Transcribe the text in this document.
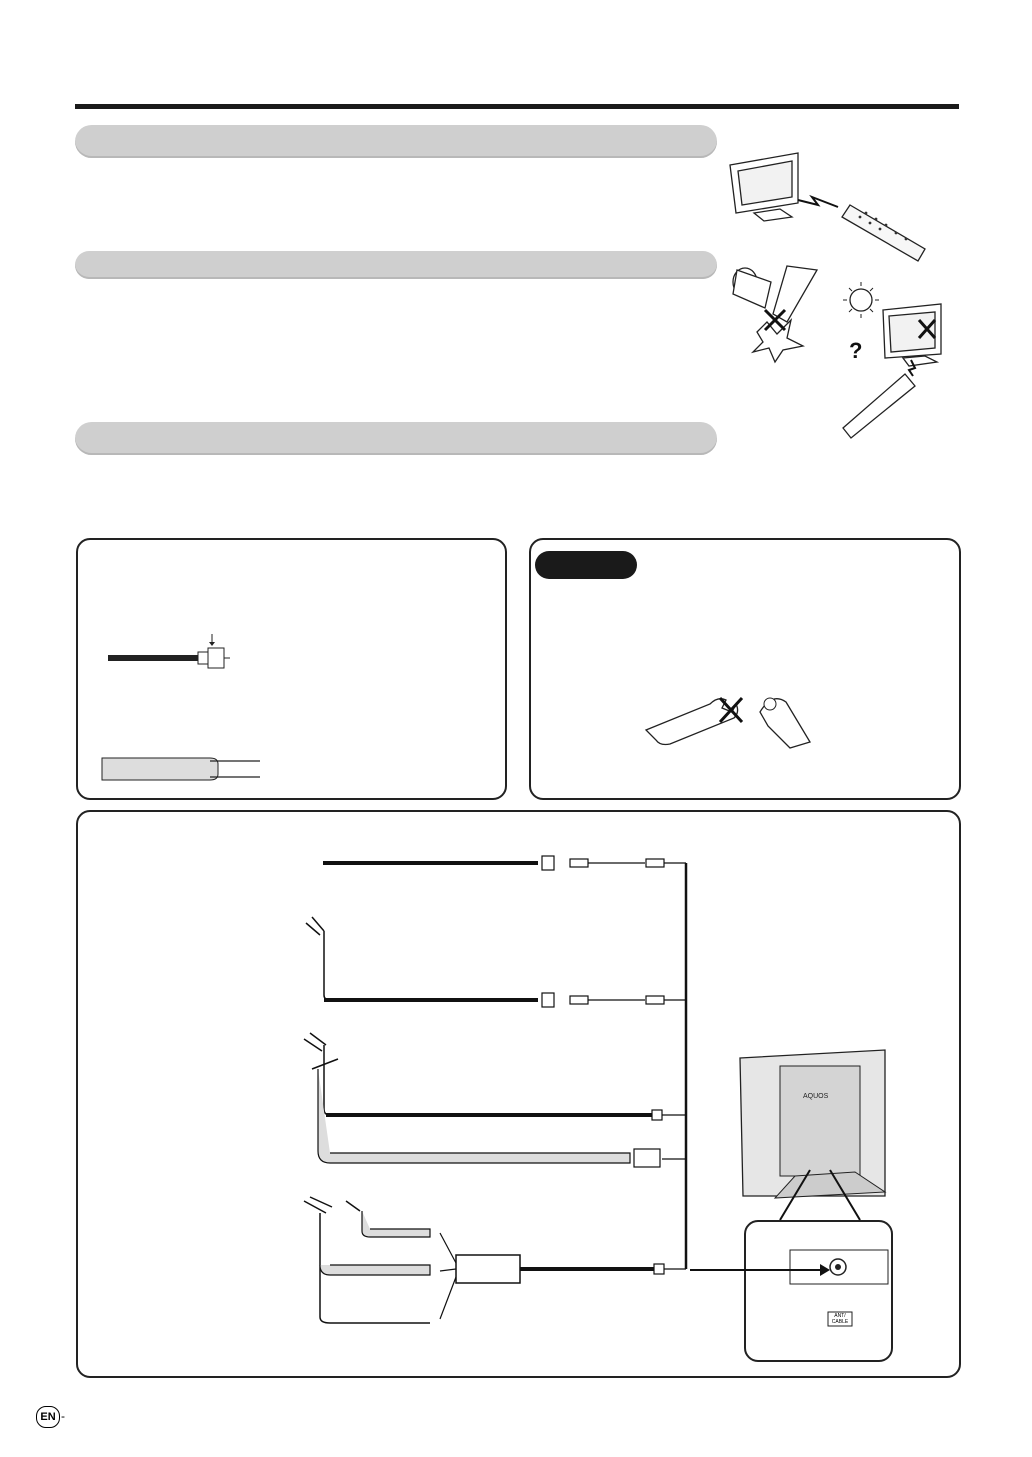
?
AQUOS
ANT/ CABLE
EN -
